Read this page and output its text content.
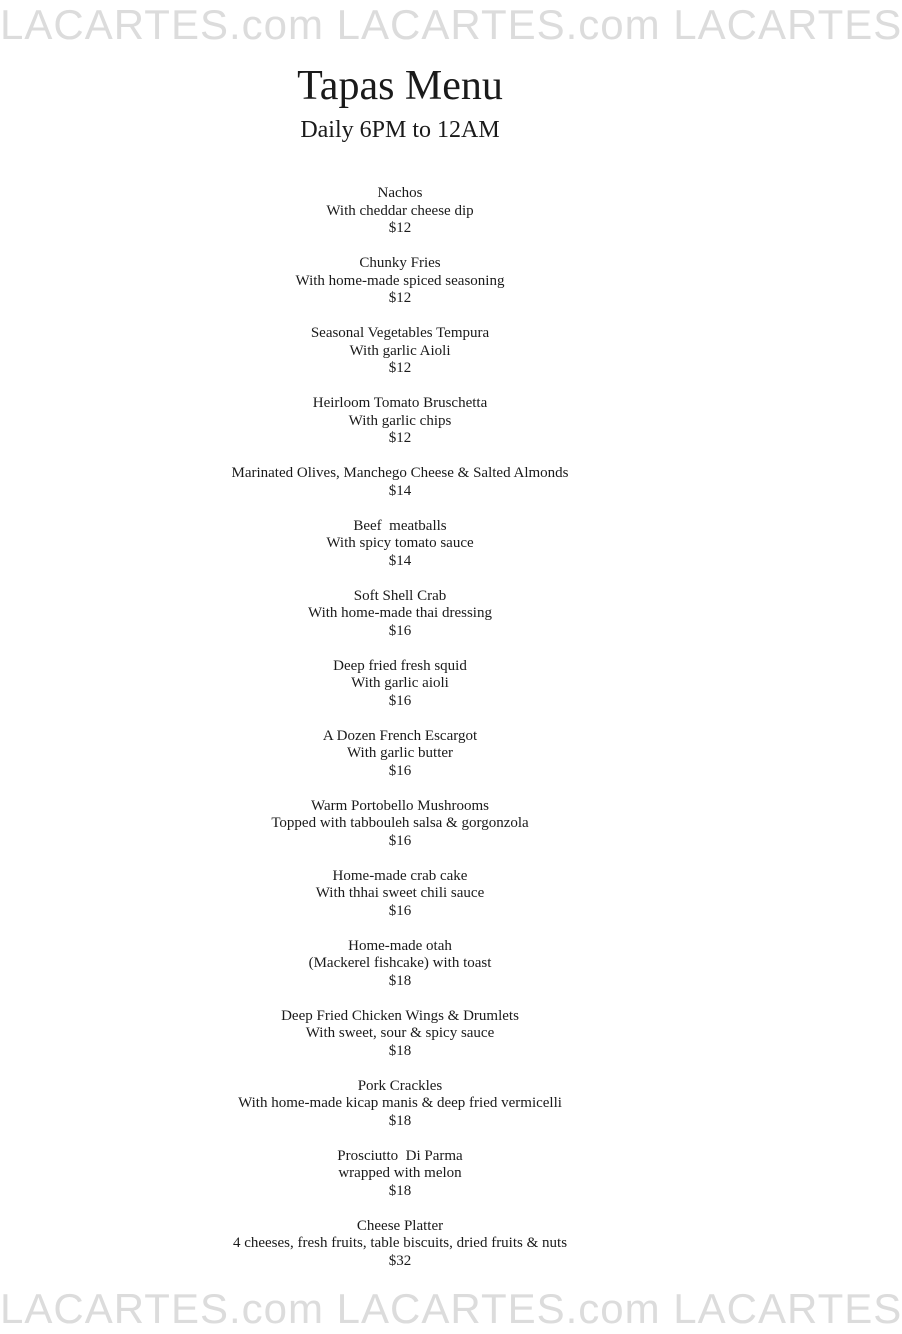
LACARTES.com LACARTES.com LACARTES
Tapas Menu
Daily 6PM to 12AM
Nachos
With cheddar cheese dip
$12
Chunky Fries
With home-made spiced seasoning
$12
Seasonal Vegetables Tempura
With garlic Aioli
$12
Heirloom Tomato Bruschetta
With garlic chips
$12
Marinated Olives, Manchego Cheese & Salted Almonds
$14
Beef  meatballs
With spicy tomato sauce
$14
Soft Shell Crab
With home-made thai dressing
$16
Deep fried fresh squid
With garlic aioli
$16
A Dozen French Escargot
With garlic butter
$16
Warm Portobello Mushrooms
Topped with tabbouleh salsa & gorgonzola
$16
Home-made crab cake
With thhai sweet chili sauce
$16
Home-made otah
(Mackerel fishcake) with toast
$18
Deep Fried Chicken Wings & Drumlets
With sweet, sour & spicy sauce
$18
Pork Crackles
With home-made kicap manis & deep fried vermicelli
$18
Prosciutto  Di Parma
wrapped with melon
$18
Cheese Platter
4 cheeses, fresh fruits, table biscuits, dried fruits & nuts
$32
LACARTES.com LACARTES.com LACARTES
